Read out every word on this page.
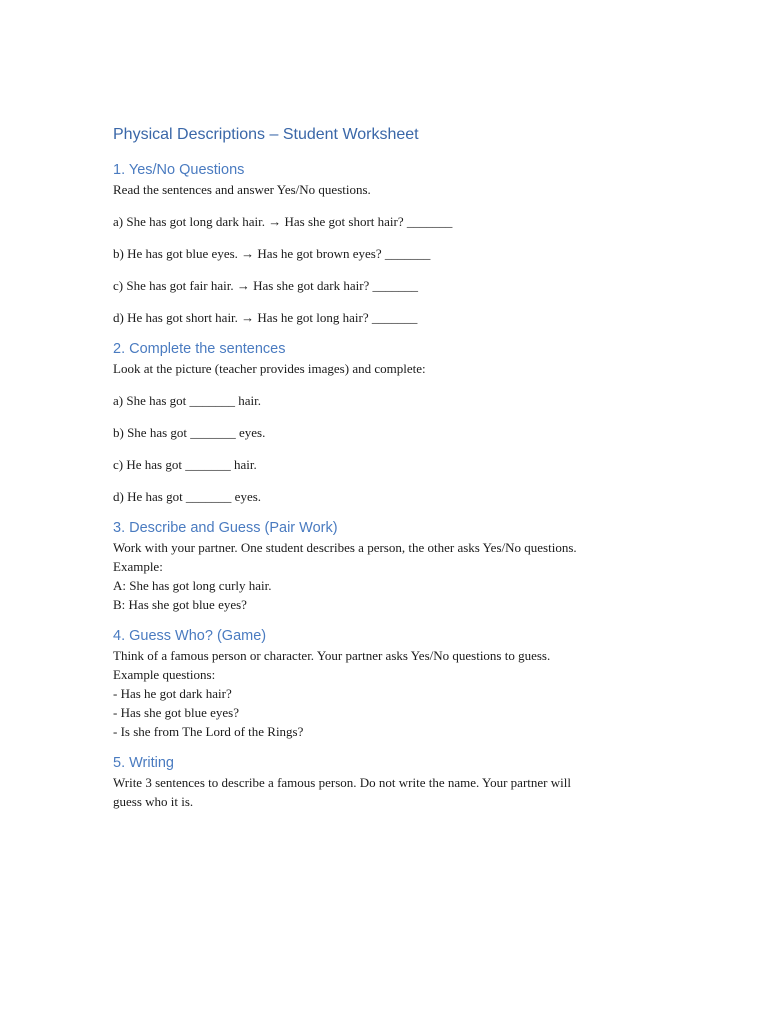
Physical Descriptions – Student Worksheet
1. Yes/No Questions

Read the sentences and answer Yes/No questions.

a) She has got long dark hair. → Has she got short hair? _______

b) He has got blue eyes. → Has he got brown eyes? _______

c) She has got fair hair. → Has she got dark hair? _______

d) He has got short hair. → Has he got long hair? _______

2. Complete the sentences

Look at the picture (teacher provides images) and complete:

a) She has got _______ hair.

b) She has got _______ eyes.

c) He has got _______ hair.

d) He has got _______ eyes.

3. Describe and Guess (Pair Work)

Work with your partner. One student describes a person, the other asks Yes/No questions.

Example:

A: She has got long curly hair.

B: Has she got blue eyes?

4. Guess Who? (Game)

Think of a famous person or character. Your partner asks Yes/No questions to guess.

Example questions:

- Has he got dark hair?

- Has she got blue eyes?

- Is she from The Lord of the Rings?

5. Writing

Write 3 sentences to describe a famous person. Do not write the name. Your partner will

guess who it is.
